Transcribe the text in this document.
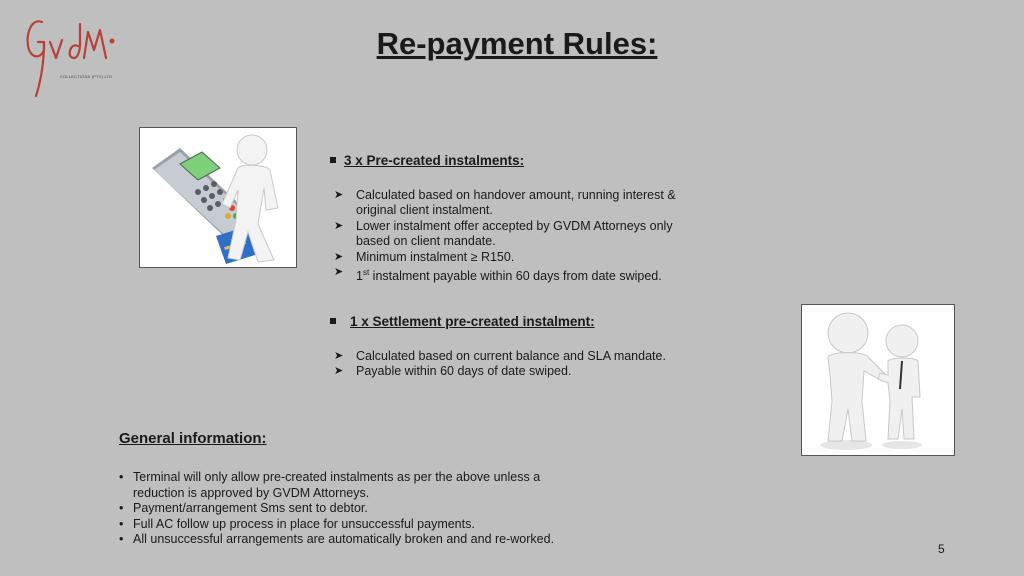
COLLECTIONS (PTY) LTD
Re-payment Rules:
3 x Pre-created instalments:
➤ Calculated based on handover amount, running interest & original client instalment.
➤ Lower instalment offer accepted by GVDM Attorneys only based on client mandate.
➤ Minimum instalment ≥ R150.
➤ 1st instalment payable within 60 days from date swiped.
1 x Settlement pre-created instalment:
➤ Calculated based on current balance and SLA mandate.
➤ Payable within 60 days of date swiped.
General information:
• Terminal will only allow pre-created instalments as per the above unless a reduction is approved by GVDM Attorneys.
• Payment/arrangement Sms sent to debtor.
• Full AC follow up process in place for unsuccessful payments.
• All unsuccessful arrangements are automatically broken and and re-worked.
5
